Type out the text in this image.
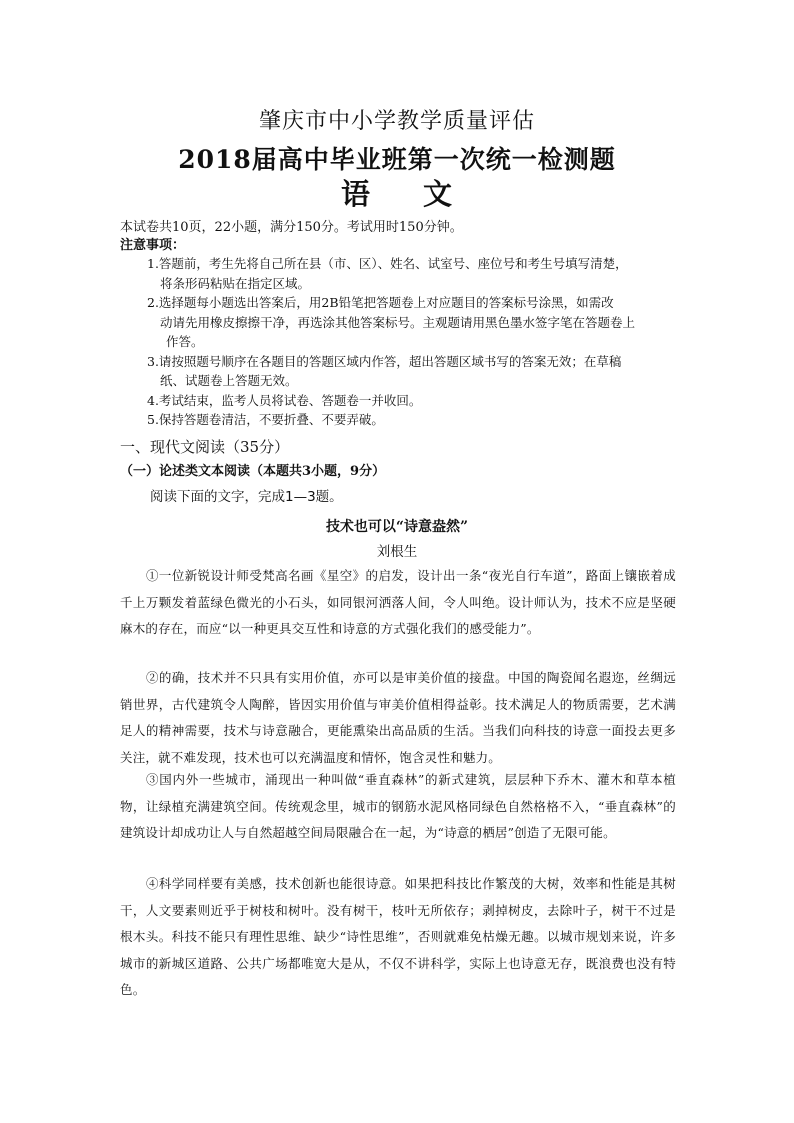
肇庆市中小学教学质量评估
2018届高中毕业班第一次统一检测题
语 文
本试卷共10页，22小题，满分150分。考试用时150分钟。
注意事项：
1.答题前，考生先将自己所在县（市、区）、姓名、试室号、座位号和考生号填写清楚，
将条形码粘贴在指定区域。
2.选择题每小题选出答案后，用2B铅笔把答题卷上对应题目的答案标号涂黑，如需改
动请先用橡皮擦擦干净，再选涂其他答案标号。主观题请用黑色墨水签字笔在答题卷上
作答。
3.请按照题号顺序在各题目的答题区域内作答，超出答题区域书写的答案无效；在草稿
纸、试题卷上答题无效。
4.考试结束，监考人员将试卷、答题卷一并收回。
5.保持答题卷清洁，不要折叠、不要弄破。
一、现代文阅读（35分）
（一）论述类文本阅读（本题共3小题，9分）
阅读下面的文字，完成1—3题。
技术也可以“诗意盎然”
刘根生

①一位新锐设计师受梵高名画《星空》的启发，设计出一条“夜光自行车道”，路面上镶嵌着成千上万颗发着蓝绿色微光的小石头，如同银河洒落人间，令人叫绝。设计师认为，技术不应是坚硬麻木的存在，而应“以一种更具交互性和诗意的方式强化我们的感受能力”。

②的确，技术并不只具有实用价值，亦可以是审美价值的接盘。中国的陶瓷闻名遐迩，丝绸远销世界，古代建筑令人陶醉，皆因实用价值与审美价值相得益彰。技术满足人的物质需要，艺术满足人的精神需要，技术与诗意融合，更能熏染出高品质的生活。当我们向科技的诗意一面投去更多关注，就不难发现，技术也可以充满温度和情怀，饱含灵性和魅力。

③国内外一些城市，涌现出一种叫做“垂直森林”的新式建筑，层层种下乔木、灌木和草本植物，让绿植充满建筑空间。传统观念里，城市的钢筋水泥风格同绿色自然格格不入，“垂直森林”的建筑设计却成功让人与自然超越空间局限融合在一起，为“诗意的栖居”创造了无限可能。

④科学同样要有美感，技术创新也能很诗意。如果把科技比作繁茂的大树，效率和性能是其树干，人文要素则近乎于树枝和树叶。没有树干，枝叶无所依存；剥掉树皮，去除叶子，树干不过是根木头。科技不能只有理性思维、缺少“诗性思维”，否则就难免枯燥无趣。以城市规划来说，许多城市的新城区道路、公共广场都唯宽大是从，不仅不讲科学，实际上也诗意无存，既浪费也没有特色。
